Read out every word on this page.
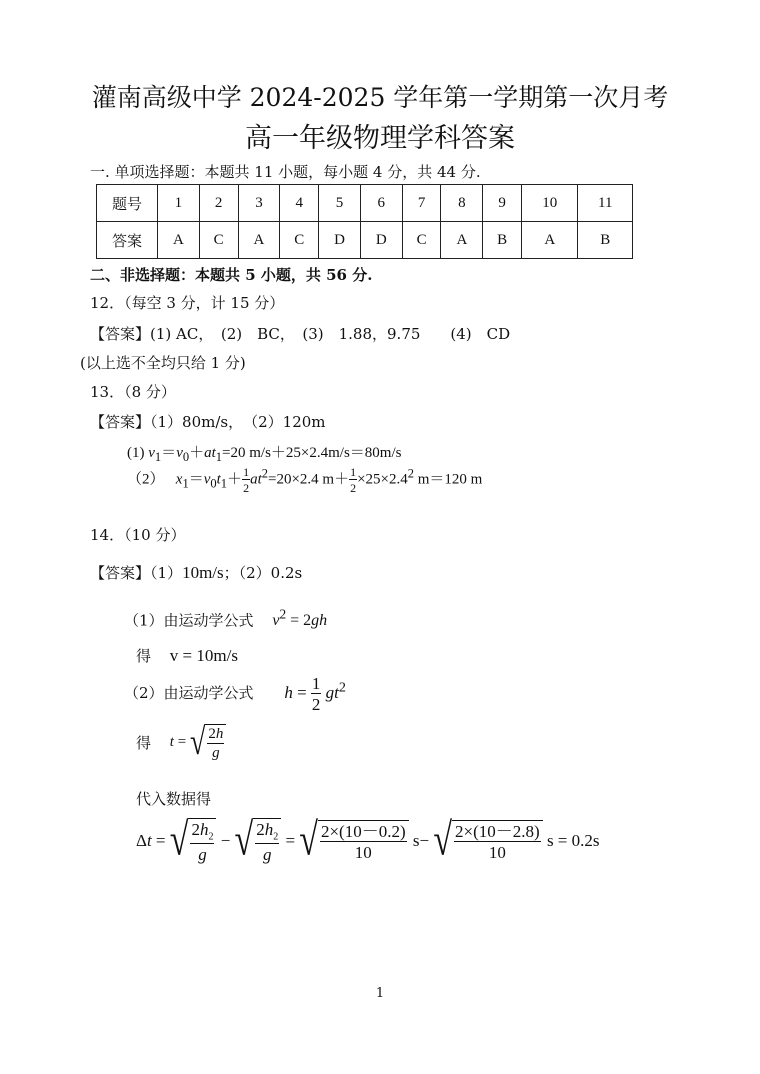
灌南高级中学 2024-2025 学年第一学期第一次月考
高一年级物理学科答案
一. 单项选择题：本题共 11 小题，每小题 4 分，共 44 分.
题号	1	2	3	4	5	6	7	8	9	10	11
答案	A	C	A	C	D	D	C	A	B	A	B
二、非选择题：本题共 5 小题，共 56 分.
12．（每空 3 分，计 15 分）
【答案】(1) AC，　(2)　BC，　(3)　1.88，9.75　　(4)　CD
(以上选不全均只给 1 分)
13．（8 分）
【答案】（1）80m/s，　（2）120m
(1) $v_1=v_0+at_1=20$ m/s＋25×2.4m/s＝80m/s
（2） $x_1=v_0t_1+ \frac{1}{2} at^2=20\times 2.4$ $m+ \frac{1}{2} \times 25\times 2.4^2$ m＝120 m
14．（10 分）
【答案】（1）10m/s；（2）0.2s
（1）由运动学公式 $v^2 = 2gh$
得 v = 10m/s
（2）由运动学公式 $h = \frac{1}{2} gt^2$
得 t = √ $\frac{2h}{g}$
代入数据得
Δt = √ $\frac{2h_2}{g}$ − √ $\frac{2h_2}{g}$ = √ $\frac{2\times(10-0.2)}{10} s-$ √ $\frac{2\times(10-2.8)}{10}$ s = 0.2s
1
